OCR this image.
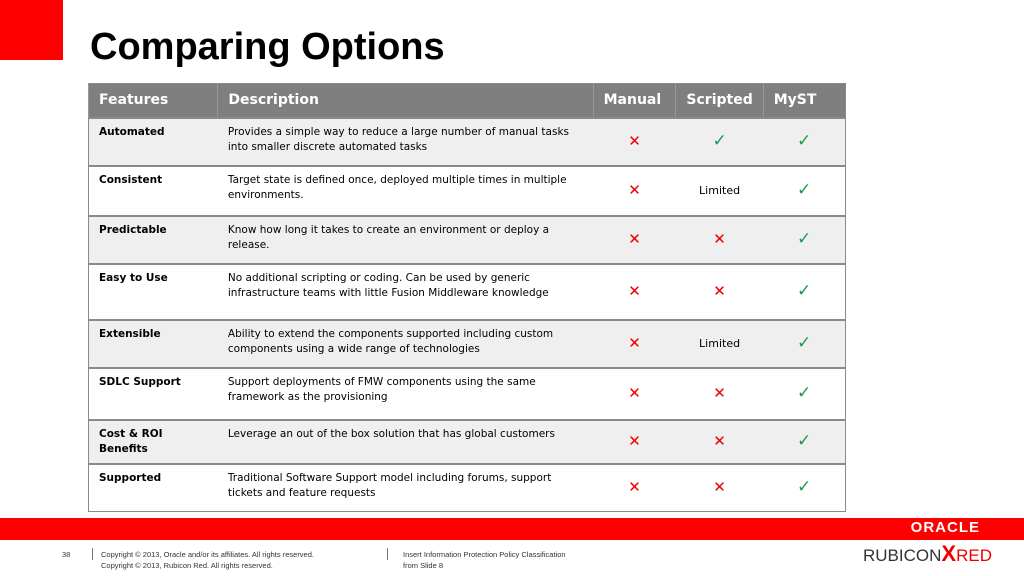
Comparing Options
Features	Description	Manual	Scripted	MyST
Automated	Provides a simple way to reduce a large number of manual tasks into smaller discrete automated tasks	✕	✓	✓
Consistent	Target state is defined once, deployed multiple times in multiple environments.	✕	Limited	✓
Predictable	Know how long it takes to create an environment or deploy a release.	✕	✕	✓
Easy to Use	No additional scripting or coding. Can be used by generic infrastructure teams with little Fusion Middleware knowledge	✕	✕	✓
Extensible	Ability to extend the components supported including custom components using a wide range of technologies	✕	Limited	✓
SDLC Support	Support deployments of FMW components using the same framework as the provisioning	✕	✕	✓
Cost & ROI Benefits	Leverage an out of the box solution that has global customers	✕	✕	✓
Supported	Traditional Software Support model including forums, support tickets and feature requests	✕	✕	✓
ORACLE
38	Copyright © 2013, Oracle and/or its affiliates. All rights reserved.
Copyright © 2013, Rubicon Red. All rights reserved.
Insert Information Protection Policy Classification
from Slide 8
RUBICONXRED
